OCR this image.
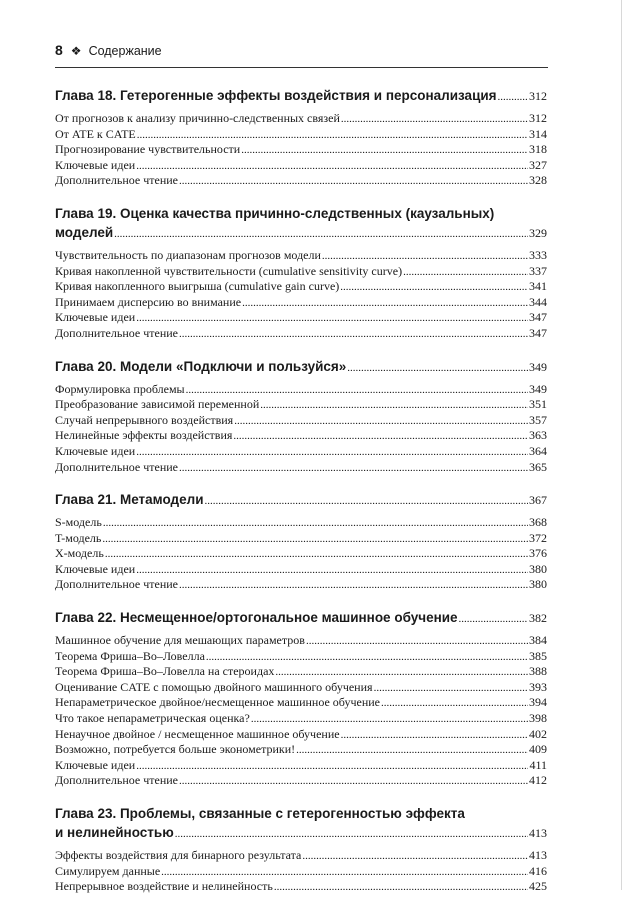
8 ❖ Содержание
Глава 18. Гетерогенные эффекты воздействия и персонализация .....	312
От прогнозов к анализу причинно-следственных связей .....	312
От ATE к CATE .....	314
Прогнозирование чувствительности .....	318
Ключевые идеи .....	327
Дополнительное чтение .....	328
Глава 19. Оценка качества причинно-следственных (каузальных)
моделей .....	329
Чувствительность по диапазонам прогнозов модели .....	333
Кривая накопленной чувствительности (cumulative sensitivity curve) .....	337
Кривая накопленного выигрыша (cumulative gain curve) .....	341
Принимаем дисперсию во внимание .....	344
Ключевые идеи .....	347
Дополнительное чтение .....	347
Глава 20. Модели «Подключи и пользуйся» .....	349
Формулировка проблемы .....	349
Преобразование зависимой переменной .....	351
Случай непрерывного воздействия .....	357
Нелинейные эффекты воздействия .....	363
Ключевые идеи .....	364
Дополнительное чтение .....	365
Глава 21. Метамодели .....	367
S-модель .....	368
T-модель .....	372
X-модель .....	376
Ключевые идеи .....	380
Дополнительное чтение .....	380
Глава 22. Несмещенное/ортогональное машинное обучение .....	382
Машинное обучение для мешающих параметров .....	384
Теорема Фриша–Во–Ловелла .....	385
Теорема Фриша–Во–Ловелла на стероидах .....	388
Оценивание CATE с помощью двойного машинного обучения .....	393
Непараметрическое двойное/несмещенное машинное обучение .....	394
Что такое непараметрическая оценка? .....	398
Ненаучное двойное / несмещенное машинное обучение .....	402
Возможно, потребуется больше эконометрики! .....	409
Ключевые идеи .....	411
Дополнительное чтение .....	412
Глава 23. Проблемы, связанные с гетерогенностью эффекта
и нелинейностью .....	413
Эффекты воздействия для бинарного результата .....	413
Симулируем данные .....	416
Непрерывное воздействие и нелинейность .....	425
